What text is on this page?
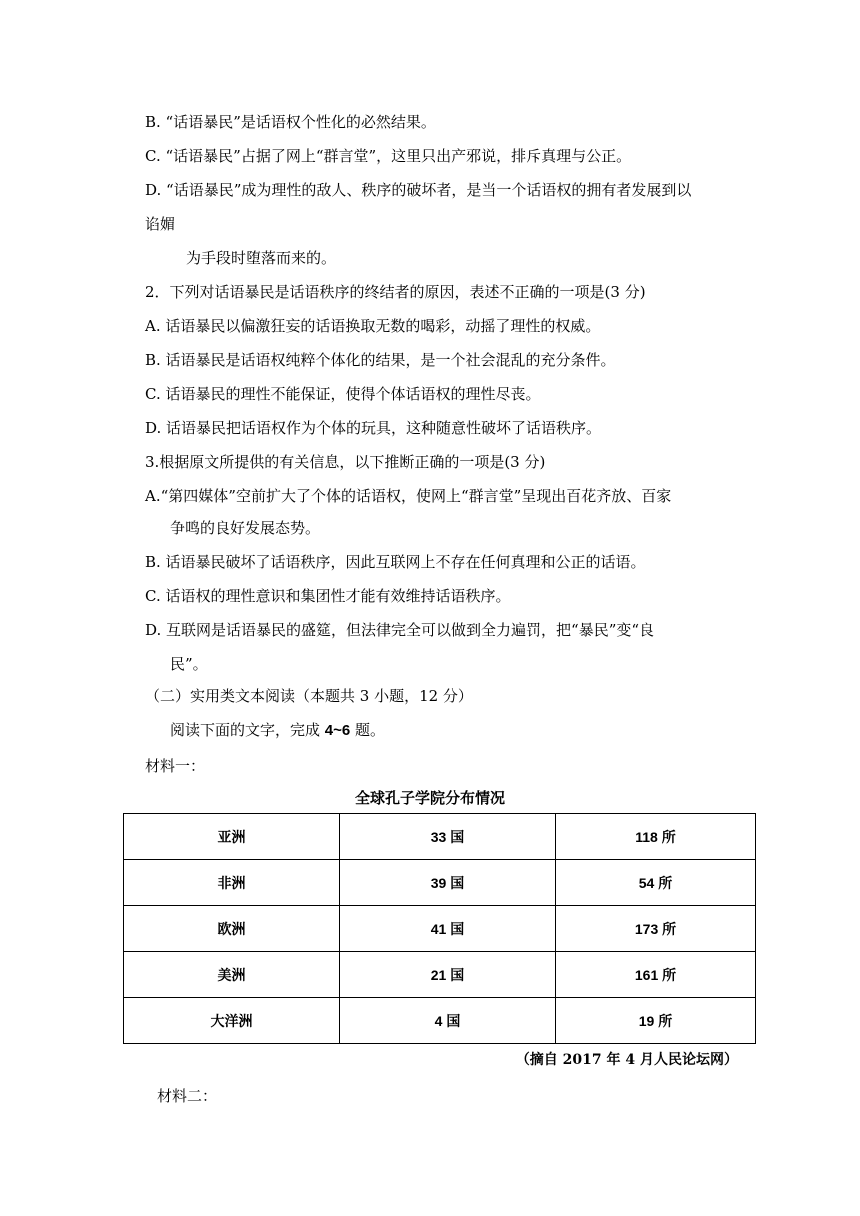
B. “话语暴民”是话语权个性化的必然结果。
C. “话语暴民”占据了网上“群言堂”，这里只出产邪说，排斥真理与公正。
D. “话语暴民”成为理性的敌人、秩序的破坏者，是当一个话语权的拥有者发展到以
谄媚
为手段时堕落而来的。
2．下列对话语暴民是话语秩序的终结者的原因，表述不正确的一项是(3 分)
A. 话语暴民以偏激狂妄的话语换取无数的喝彩，动摇了理性的权威。
B. 话语暴民是话语权纯粹个体化的结果，是一个社会混乱的充分条件。
C. 话语暴民的理性不能保证，使得个体话语权的理性尽丧。
D. 话语暴民把话语权作为个体的玩具，这种随意性破坏了话语秩序。
3.根据原文所提供的有关信息，以下推断正确的一项是(3 分)
A.“第四媒体”空前扩大了个体的话语权，使网上“群言堂”呈现出百花齐放、百家
争鸣的良好发展态势。
B. 话语暴民破坏了话语秩序，因此互联网上不存在任何真理和公正的话语。
C. 话语权的理性意识和集团性才能有效维持话语秩序。
D. 互联网是话语暴民的盛筵，但法律完全可以做到全力遍罚，把“暴民”变“良
民”。
（二）实用类文本阅读（本题共 3 小题，12 分）
阅读下面的文字，完成 4~6 题。
材料一：
全球孔子学院分布情况
亚洲	33 国	118 所
非洲	39 国	54 所
欧洲	41 国	173 所
美洲	21 国	161 所
大洋洲	4 国	19 所
（摘自 2017 年 4 月人民论坛网）
材料二：
